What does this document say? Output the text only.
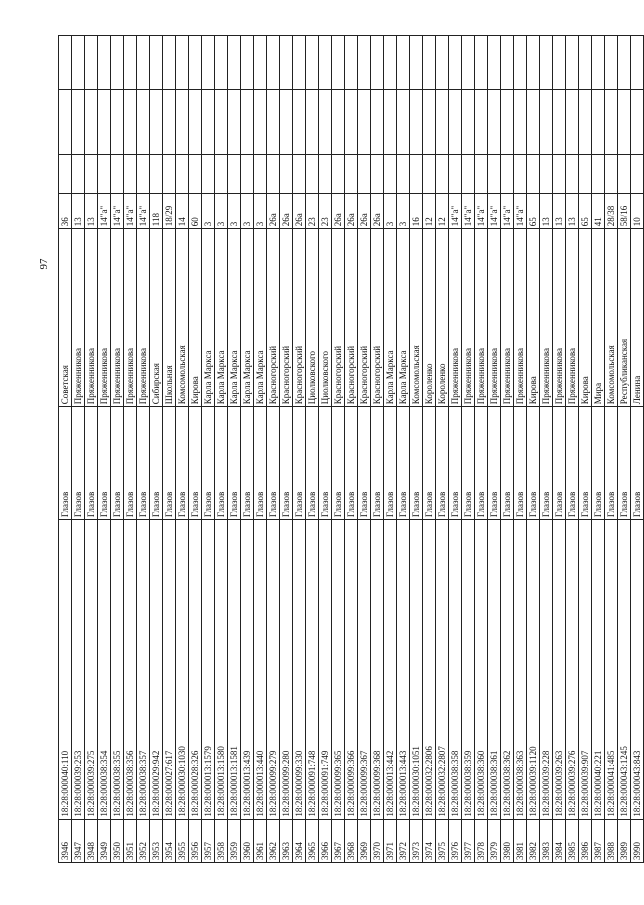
97
3946	18:28:000040:110	Глазов	Советская	36			
3947	18:28:000039:253	Глазов	Пряженникова	13			
3948	18:28:000039:275	Глазов	Пряженникова	13			
3949	18:28:000038:354	Глазов	Пряженникова	14"а"			
3950	18:28:000038:355	Глазов	Пряженникова	14"а"			
3951	18:28:000038:356	Глазов	Пряженникова	14"а"			
3952	18:28:000038:357	Глазов	Пряженникова	14"а"			
3953	18:28:000029:942	Глазов	Сибирская	118			
3954	18:28:000027:617	Глазов	Школьная	18/29			
3955	18:28:000030:1030	Глазов	Комсомольская	14			
3956	18:28:000028:326	Глазов	Кирова	60			
3957	18:28:000013:1579	Глазов	Карла Маркса	3			
3958	18:28:000013:1580	Глазов	Карла Маркса	3			
3959	18:28:000013:1581	Глазов	Карла Маркса	3			
3960	18:28:000013:439	Глазов	Карла Маркса	3			
3961	18:28:000013:440	Глазов	Карла Маркса	3			
3962	18:28:000099:279	Глазов	Красногорский	26а			
3963	18:28:000099:280	Глазов	Красногорский	26а			
3964	18:28:000099:330	Глазов	Красногорский	26а			
3965	18:28:000091:748	Глазов	Циолковского	23			
3966	18:28:000091:749	Глазов	Циолковского	23			
3967	18:28:000099:365	Глазов	Красногорский	26а			
3968	18:28:000099:366	Глазов	Красногорский	26а			
3969	18:28:000099:367	Глазов	Красногорский	26а			
3970	18:28:000099:368	Глазов	Красногорский	26а			
3971	18:28:000013:442	Глазов	Карла Маркса	3			
3972	18:28:000013:443	Глазов	Карла Маркса	3			
3973	18:28:000030:1051	Глазов	Комсомольская	16			
3974	18:28:000032:2806	Глазов	Короленко	12			
3975	18:28:000032:2807	Глазов	Короленко	12			
3976	18:28:000038:358	Глазов	Пряженникова	14"а"			
3977	18:28:000038:359	Глазов	Пряженникова	14"а"			
3978	18:28:000038:360	Глазов	Пряженникова	14"а"			
3979	18:28:000038:361	Глазов	Пряженникова	14"а"			
3980	18:28:000038:362	Глазов	Пряженникова	14"а"			
3981	18:28:000038:363	Глазов	Пряженникова	14"а"			
3982	18:28:000039:1120	Глазов	Кирова	65			
3983	18:28:000039:228	Глазов	Пряженникова	13			
3984	18:28:000039:263	Глазов	Пряженникова	13			
3985	18:28:000039:276	Глазов	Пряженникова	13			
3986	18:28:000039:907	Глазов	Кирова	65			
3987	18:28:000040:221	Глазов	Мира	41			
3988	18:28:000041:485	Глазов	Комсомольская	28/38			
3989	18:28:000043:1245	Глазов	Республиканская	58/16			
3990	18:28:000043:843	Глазов	Ленина	10			
